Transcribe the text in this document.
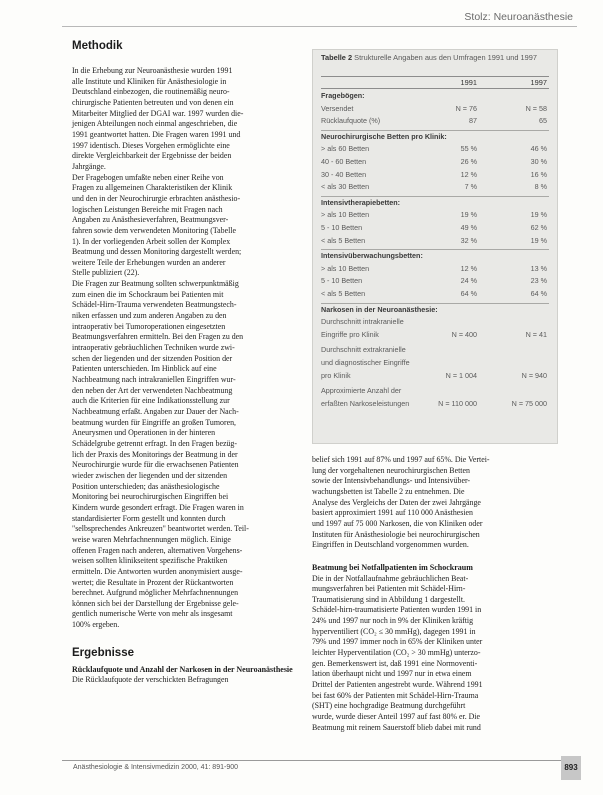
Stolz: Neuroanästhesie
Methodik

In die Erhebung zur Neuroanästhesie wurden 1991
alle Institute und Kliniken für Anästhesiologie in
Deutschland einbezogen, die routinemäßig neuro-
chirurgische Patienten betreuten und von denen ein
Mitarbeiter Mitglied der DGAI war. 1997 wurden die-
jenigen Abteilungen noch einmal angeschrieben, die
1991 geantwortet hatten. Die Fragen waren 1991 und
1997 identisch. Dieses Vorgehen ermöglichte eine
direkte Vergleichbarkeit der Ergebnisse der beiden
Jahrgänge.
Der Fragebogen umfaßte neben einer Reihe von
Fragen zu allgemeinen Charakteristiken der Klinik
und den in der Neurochirurgie erbrachten anästhesio-
logischen Leistungen Bereiche mit Fragen nach
Angaben zu Anästhesieverfahren, Beatmungsver-
fahren sowie dem verwendeten Monitoring (Tabelle
1). In der vorliegenden Arbeit sollen der Komplex
Beatmung und dessen Monitoring dargestellt werden;
weitere Teile der Erhebungen wurden an anderer
Stelle publiziert (22).
Die Fragen zur Beatmung sollten schwerpunktmäßig
zum einen die im Schockraum bei Patienten mit
Schädel-Hirn-Trauma verwendeten Beatmungstech-
niken erfassen und zum anderen Angaben zu den
intraoperativ bei Tumoroperationen eingesetzten
Beatmungsverfahren ermitteln. Bei den Fragen zu den
intraoperativ gebräuchlichen Techniken wurde zwi-
schen der liegenden und der sitzenden Position der
Patienten unterschieden. Im Hinblick auf eine
Nachbeatmung nach intrakraniellen Eingriffen wur-
den neben der Art der verwendeten Nachbeatmung
auch die Kriterien für eine Indikationsstellung zur
Nachbeatmung erfaßt. Angaben zur Dauer der Nach-
beatmung wurden für Eingriffe an großen Tumoren,
Aneurysmen und Operationen in der hinteren
Schädelgrube getrennt erfragt. In den Fragen bezüg-
lich der Praxis des Monitorings der Beatmung in der
Neurochirurgie wurde für die erwachsenen Patienten
wieder zwischen der liegenden und der sitzenden
Position unterschieden; das anästhesiologische
Monitoring bei neurochirurgischen Eingriffen bei
Kindern wurde gesondert erfragt. Die Fragen waren in
standardisierter Form gestellt und konnten durch
"selbsprechendes Ankreuzen" beantwortet werden. Teil-
weise waren Mehrfachnennungen möglich. Einige
offenen Fragen nach anderen, alternativen Vorgehens-
weisen sollten klinikseitent spezifische Praktiken
ermitteln. Die Antworten wurden anonymisiert ausge-
wertet; die Resultate in Prozent der Rückantworten
berechnet. Aufgrund möglicher Mehrfachnennungen
können sich bei der Darstellung der Ergebnisse gele-
gentlich numerische Werte von mehr als insgesamt
100% ergeben.

Ergebnisse
Rücklaufquote und Anzahl der Narkosen in der Neuroanästhesie

Die Rücklaufquote der verschickten Befragungen

Tabelle 2 Strukturelle Angaben aus den Umfragen 1991 und 1997
1991	1997
Fragebögen:
Versendet	N = 76	N = 58
Rücklaufquote (%)	87	65
Neurochirurgische Betten pro Klinik:
> als 60 Betten	55 %	46 %
40 - 60 Betten	26 %	30 %
30 - 40 Betten	12 %	16 %
< als 30 Betten	7 %	8 %
Intensivtherapiebetten:
> als 10 Betten	19 %	19 %
5 - 10 Betten	49 %	62 %
< als 5 Betten	32 %	19 %
Intensivüberwachungsbetten:
> als 10 Betten	12 %	13 %
5 - 10 Betten	24 %	23 %
< als 5 Betten	64 %	64 %
Narkosen in der Neuroanästhesie:
Durchschnitt intrakranielle
Eingriffe pro Klinik	N = 400	N = 41
Durchschnitt extrakranielle
und diagnostischer Eingriffe
pro Klinik	N = 1 004	N = 940
Approximierte Anzahl der
erfaßten Narkoseleistungen	N = 110 000	N = 75 000

belief sich 1991 auf 87% und 1997 auf 65%. Die Vertei-
lung der vorgehaltenen neurochirurgischen Betten
sowie der Intensivbehandlungs- und Intensivüber-
wachungsbetten ist Tabelle 2 zu entnehmen. Die
Analyse des Vergleichs der Daten der zwei Jahrgänge
basiert approximiert 1991 auf 110 000 Anästhesien
und 1997 auf 75 000 Narkosen, die von Kliniken oder
Instituten für Anästhesiologie bei neurochirurgischen
Eingriffen in Deutschland vorgenommen wurden.

Beatmung bei Notfallpatienten im Schockraum

Die in der Notfallaufnahme gebräuchlichen Beat-
mungsverfahren bei Patienten mit Schädel-Hirn-
Traumatisierung sind in Abbildung 1 dargestellt.
Schädel-hirn-traumatisierte Patienten wurden 1991 in
24% und 1997 nur noch in 9% der Kliniken kräftig
hyperventiliert (CO₂ ≤ 30 mmHg), dagegen 1991 in
79% und 1997 immer noch in 65% der Kliniken unter
leichter Hyperventilation (CO₂ > 30 mmHg) unterzo-
gen. Bemerkenswert ist, daß 1991 eine Normoventi-
lation überhaupt nicht und 1997 nur in etwa einem
Drittel der Patienten angestrebt wurde. Während 1991
bei fast 60% der Patienten mit Schädel-Hirn-Trauma
(SHT) eine hochgradige Beatmung durchgeführt
wurde, wurde dieser Anteil 1997 auf fast 80% er. Die
Beatmung mit reinem Sauerstoff blieb dabei mit rund

Anästhesiologie & Intensivmedizin 2000, 41: 891-900	893
